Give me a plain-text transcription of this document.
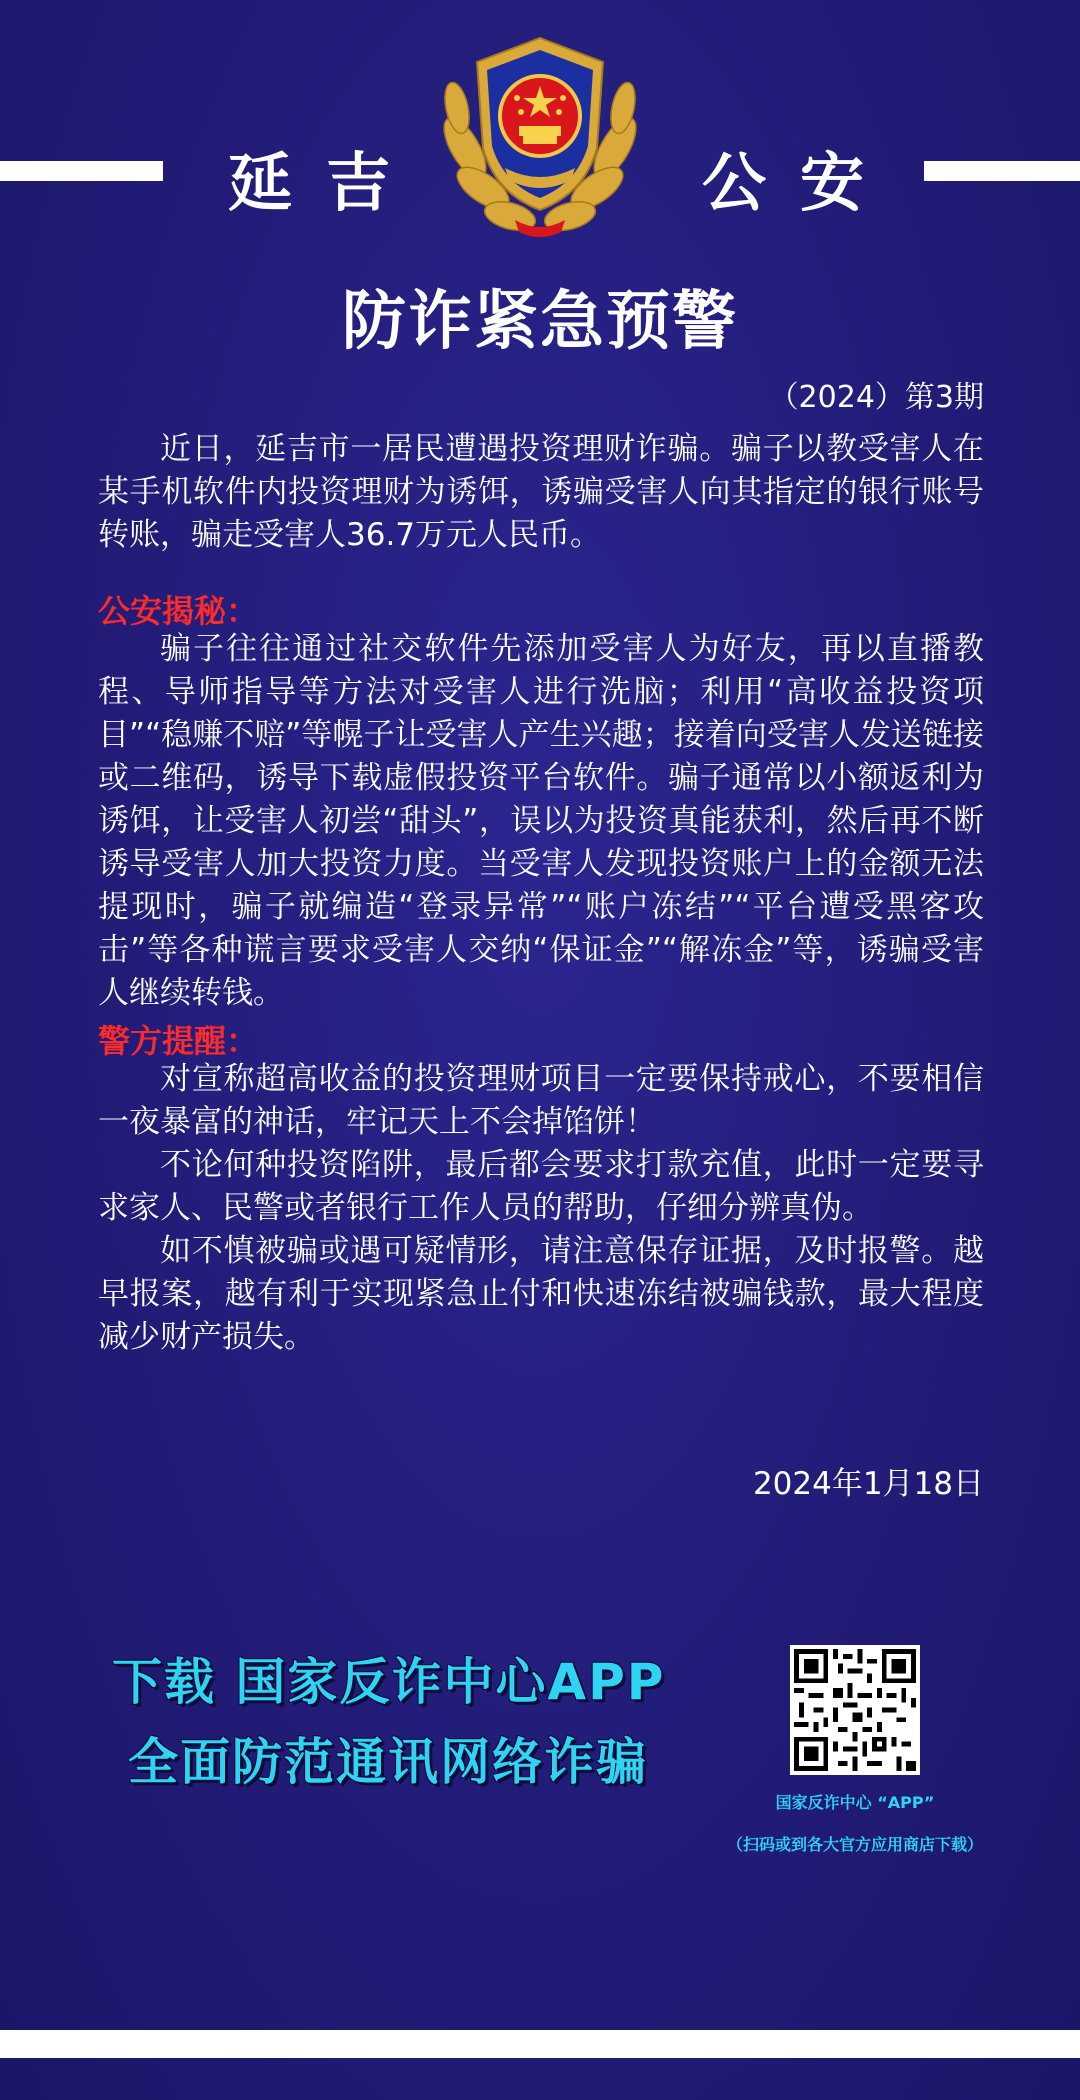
延吉	公安
防诈紧急预警
（2024）第3期

近日，延吉市一居民遭遇投资理财诈骗。骗子以教受害人在某手机软件内投资理财为诱饵，诱骗受害人向其指定的银行账号转账，骗走受害人36.7万元人民币。

公安揭秘：

骗子往往通过社交软件先添加受害人为好友，再以直播教程、导师指导等方法对受害人进行洗脑；利用“高收益投资项目”“稳赚不赔”等幌子让受害人产生兴趣；接着向受害人发送链接或二维码，诱导下载虚假投资平台软件。骗子通常以小额返利为诱饵，让受害人初尝“甜头”，误以为投资真能获利，然后再不断诱导受害人加大投资力度。当受害人发现投资账户上的金额无法提现时，骗子就编造“登录异常”“账户冻结”“平台遭受黑客攻击”等各种谎言要求受害人交纳“保证金”“解冻金”等，诱骗受害人继续转钱。

警方提醒：

对宣称超高收益的投资理财项目一定要保持戒心，不要相信一夜暴富的神话，牢记天上不会掉馅饼！

不论何种投资陷阱，最后都会要求打款充值，此时一定要寻求家人、民警或者银行工作人员的帮助，仔细分辨真伪。

如不慎被骗或遇可疑情形，请注意保存证据，及时报警。越早报案，越有利于实现紧急止付和快速冻结被骗钱款，最大程度减少财产损失。

2024年1月18日
下载 国家反诈中心APP
全面防范通讯网络诈骗
国家反诈中心 “APP”
（扫码或到各大官方应用商店下载）
